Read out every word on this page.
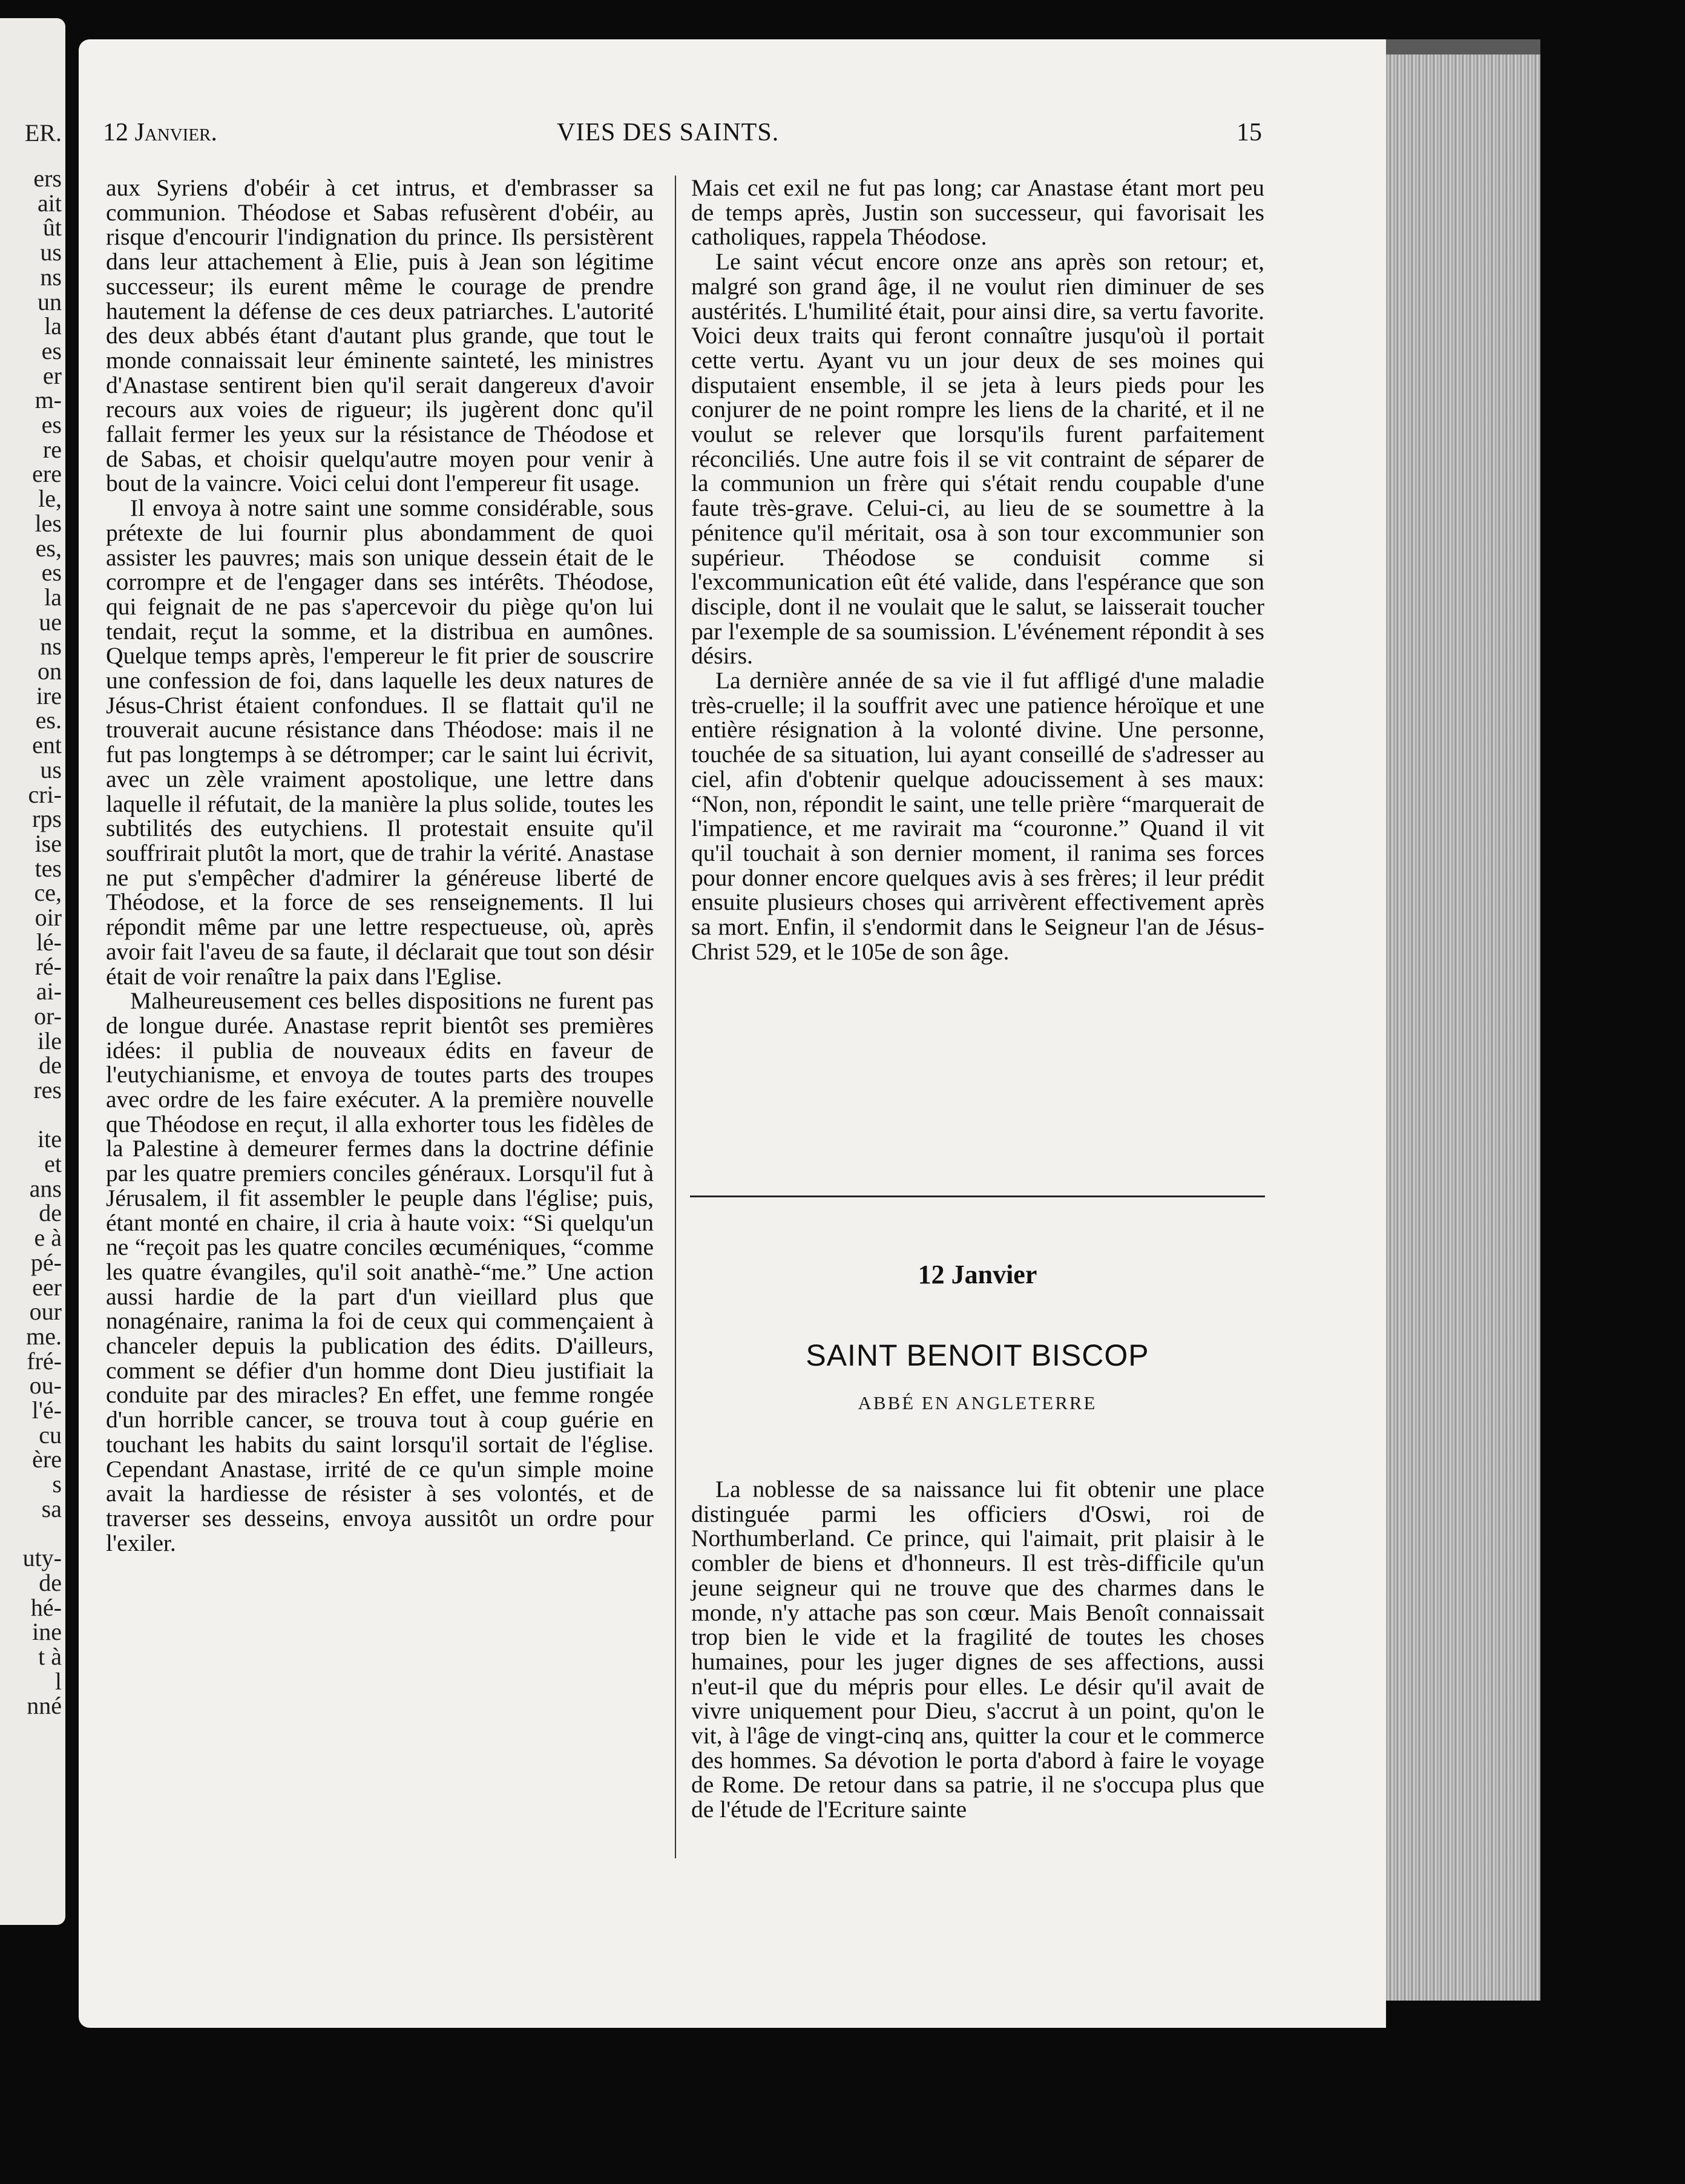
ER.
ers
ait
ût
us
ns
un
la
es
er
m-
es
re
ere
le,
les
es,
es
la
ue
ns
on
ire
es.
ent
us
cri-
rps
ise
tes
ce,
oir
lé-
ré-
ai-
or-
ile
de
res
ite
et
ans
de
e à
pé-
eer
our
me.
fré-
ou-
l'é-
cu
ère
s
sa
uty-
de
hé-
ine
t à
l
nné
12 Janvier.	VIES DES SAINTS.	15

aux Syriens d'obéir à cet intrus, et d'embrasser sa communion. Théodose et Sabas refusèrent d'obéir, au risque d'encourir l'indignation du prince. Ils persistèrent dans leur attachement à Elie, puis à Jean son légitime successeur; ils eurent même le courage de prendre hautement la défense de ces deux patriarches. L'autorité des deux abbés étant d'autant plus grande, que tout le monde connaissait leur éminente sainteté, les ministres d'Anastase sentirent bien qu'il serait dangereux d'avoir recours aux voies de rigueur; ils jugèrent donc qu'il fallait fermer les yeux sur la résistance de Théodose et de Sabas, et choisir quelqu'autre moyen pour venir à bout de la vaincre. Voici celui dont l'empereur fit usage.

Il envoya à notre saint une somme considérable, sous prétexte de lui fournir plus abondamment de quoi assister les pauvres; mais son unique dessein était de le corrompre et de l'engager dans ses intérêts. Théodose, qui feignait de ne pas s'apercevoir du piège qu'on lui tendait, reçut la somme, et la distribua en aumônes. Quelque temps après, l'empereur le fit prier de souscrire une confession de foi, dans laquelle les deux natures de Jésus-Christ étaient confondues. Il se flattait qu'il ne trouverait aucune résistance dans Théodose: mais il ne fut pas longtemps à se détromper; car le saint lui écrivit, avec un zèle vraiment apostolique, une lettre dans laquelle il réfutait, de la manière la plus solide, toutes les subtilités des eutychiens. Il protestait ensuite qu'il souffrirait plutôt la mort, que de trahir la vérité. Anastase ne put s'empêcher d'admirer la généreuse liberté de Théodose, et la force de ses renseignements. Il lui répondit même par une lettre respectueuse, où, après avoir fait l'aveu de sa faute, il déclarait que tout son désir était de voir renaître la paix dans l'Eglise.

Malheureusement ces belles dispositions ne furent pas de longue durée. Anastase reprit bientôt ses premières idées: il publia de nouveaux édits en faveur de l'eutychianisme, et envoya de toutes parts des troupes avec ordre de les faire exécuter. A la première nouvelle que Théodose en reçut, il alla exhorter tous les fidèles de la Palestine à demeurer fermes dans la doctrine définie par les quatre premiers conciles généraux. Lorsqu'il fut à Jérusalem, il fit assembler le peuple dans l'église; puis, étant monté en chaire, il cria à haute voix: “Si quelqu'un ne “reçoit pas les quatre conciles œcuméniques, “comme les quatre évangiles, qu'il soit anathè-“me.” Une action aussi hardie de la part d'un vieillard plus que nonagénaire, ranima la foi de ceux qui commençaient à chanceler depuis la publication des édits. D'ailleurs, comment se défier d'un homme dont Dieu justifiait la conduite par des miracles? En effet, une femme rongée d'un horrible cancer, se trouva tout à coup guérie en touchant les habits du saint lorsqu'il sortait de l'église. Cependant Anastase, irrité de ce qu'un simple moine avait la hardiesse de résister à ses volontés, et de traverser ses desseins, envoya aussitôt un ordre pour l'exiler.

Mais cet exil ne fut pas long; car Anastase étant mort peu de temps après, Justin son successeur, qui favorisait les catholiques, rappela Théodose.

Le saint vécut encore onze ans après son retour; et, malgré son grand âge, il ne voulut rien diminuer de ses austérités. L'humilité était, pour ainsi dire, sa vertu favorite. Voici deux traits qui feront connaître jusqu'où il portait cette vertu. Ayant vu un jour deux de ses moines qui disputaient ensemble, il se jeta à leurs pieds pour les conjurer de ne point rompre les liens de la charité, et il ne voulut se relever que lorsqu'ils furent parfaitement réconciliés. Une autre fois il se vit contraint de séparer de la communion un frère qui s'était rendu coupable d'une faute très-grave. Celui-ci, au lieu de se soumettre à la pénitence qu'il méritait, osa à son tour excommunier son supérieur. Théodose se conduisit comme si l'excommunication eût été valide, dans l'espérance que son disciple, dont il ne voulait que le salut, se laisserait toucher par l'exemple de sa soumission. L'événement répondit à ses désirs.

La dernière année de sa vie il fut affligé d'une maladie très-cruelle; il la souffrit avec une patience héroïque et une entière résignation à la volonté divine. Une personne, touchée de sa situation, lui ayant conseillé de s'adresser au ciel, afin d'obtenir quelque adoucissement à ses maux: “Non, non, répondit le saint, une telle prière “marquerait de l'impatience, et me ravirait ma “couronne.” Quand il vit qu'il touchait à son dernier moment, il ranima ses forces pour donner encore quelques avis à ses frères; il leur prédit ensuite plusieurs choses qui arrivèrent effectivement après sa mort. Enfin, il s'endormit dans le Seigneur l'an de Jésus-Christ 529, et le 105e de son âge.

12 Janvier
SAINT BENOIT BISCOP
ABBÉ EN ANGLETERRE

La noblesse de sa naissance lui fit obtenir une place distinguée parmi les officiers d'Oswi, roi de Northumberland. Ce prince, qui l'aimait, prit plaisir à le combler de biens et d'honneurs. Il est très-difficile qu'un jeune seigneur qui ne trouve que des charmes dans le monde, n'y attache pas son cœur. Mais Benoît connaissait trop bien le vide et la fragilité de toutes les choses humaines, pour les juger dignes de ses affections, aussi n'eut-il que du mépris pour elles. Le désir qu'il avait de vivre uniquement pour Dieu, s'accrut à un point, qu'on le vit, à l'âge de vingt-cinq ans, quitter la cour et le commerce des hommes. Sa dévotion le porta d'abord à faire le voyage de Rome. De retour dans sa patrie, il ne s'occupa plus que de l'étude de l'Ecriture sainte
